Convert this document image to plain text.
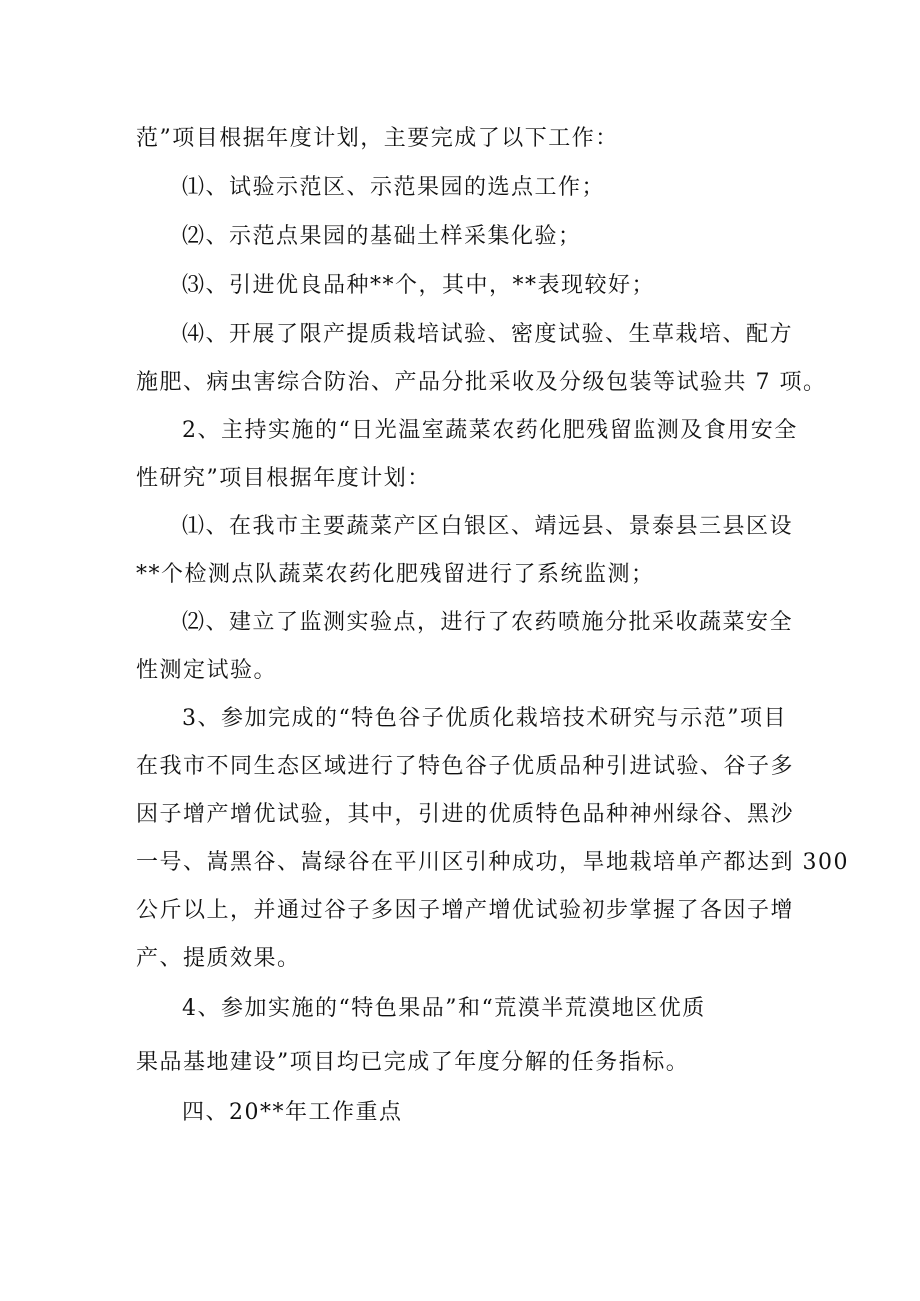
范”项目根据年度计划，主要完成了以下工作：
⑴、试验示范区、示范果园的选点工作；
⑵、示范点果园的基础土样采集化验；
⑶、引进优良品种**个，其中，**表现较好；
⑷、开展了限产提质栽培试验、密度试验、生草栽培、配方
施肥、病虫害综合防治、产品分批采收及分级包装等试验共 7 项。
2、主持实施的“日光温室蔬菜农药化肥残留监测及食用安全
性研究”项目根据年度计划：
⑴、在我市主要蔬菜产区白银区、靖远县、景泰县三县区设
**个检测点队蔬菜农药化肥残留进行了系统监测；
⑵、建立了监测实验点，进行了农药喷施分批采收蔬菜安全
性测定试验。
3、参加完成的“特色谷子优质化栽培技术研究与示范”项目
在我市不同生态区域进行了特色谷子优质品种引进试验、谷子多
因子增产增优试验，其中，引进的优质特色品种神州绿谷、黑沙
一号、嵩黑谷、嵩绿谷在平川区引种成功，旱地栽培单产都达到 300
公斤以上，并通过谷子多因子增产增优试验初步掌握了各因子增
产、提质效果。
4、参加实施的“特色果品”和“荒漠半荒漠地区优质
果品基地建设”项目均已完成了年度分解的任务指标。
四、20**年工作重点
